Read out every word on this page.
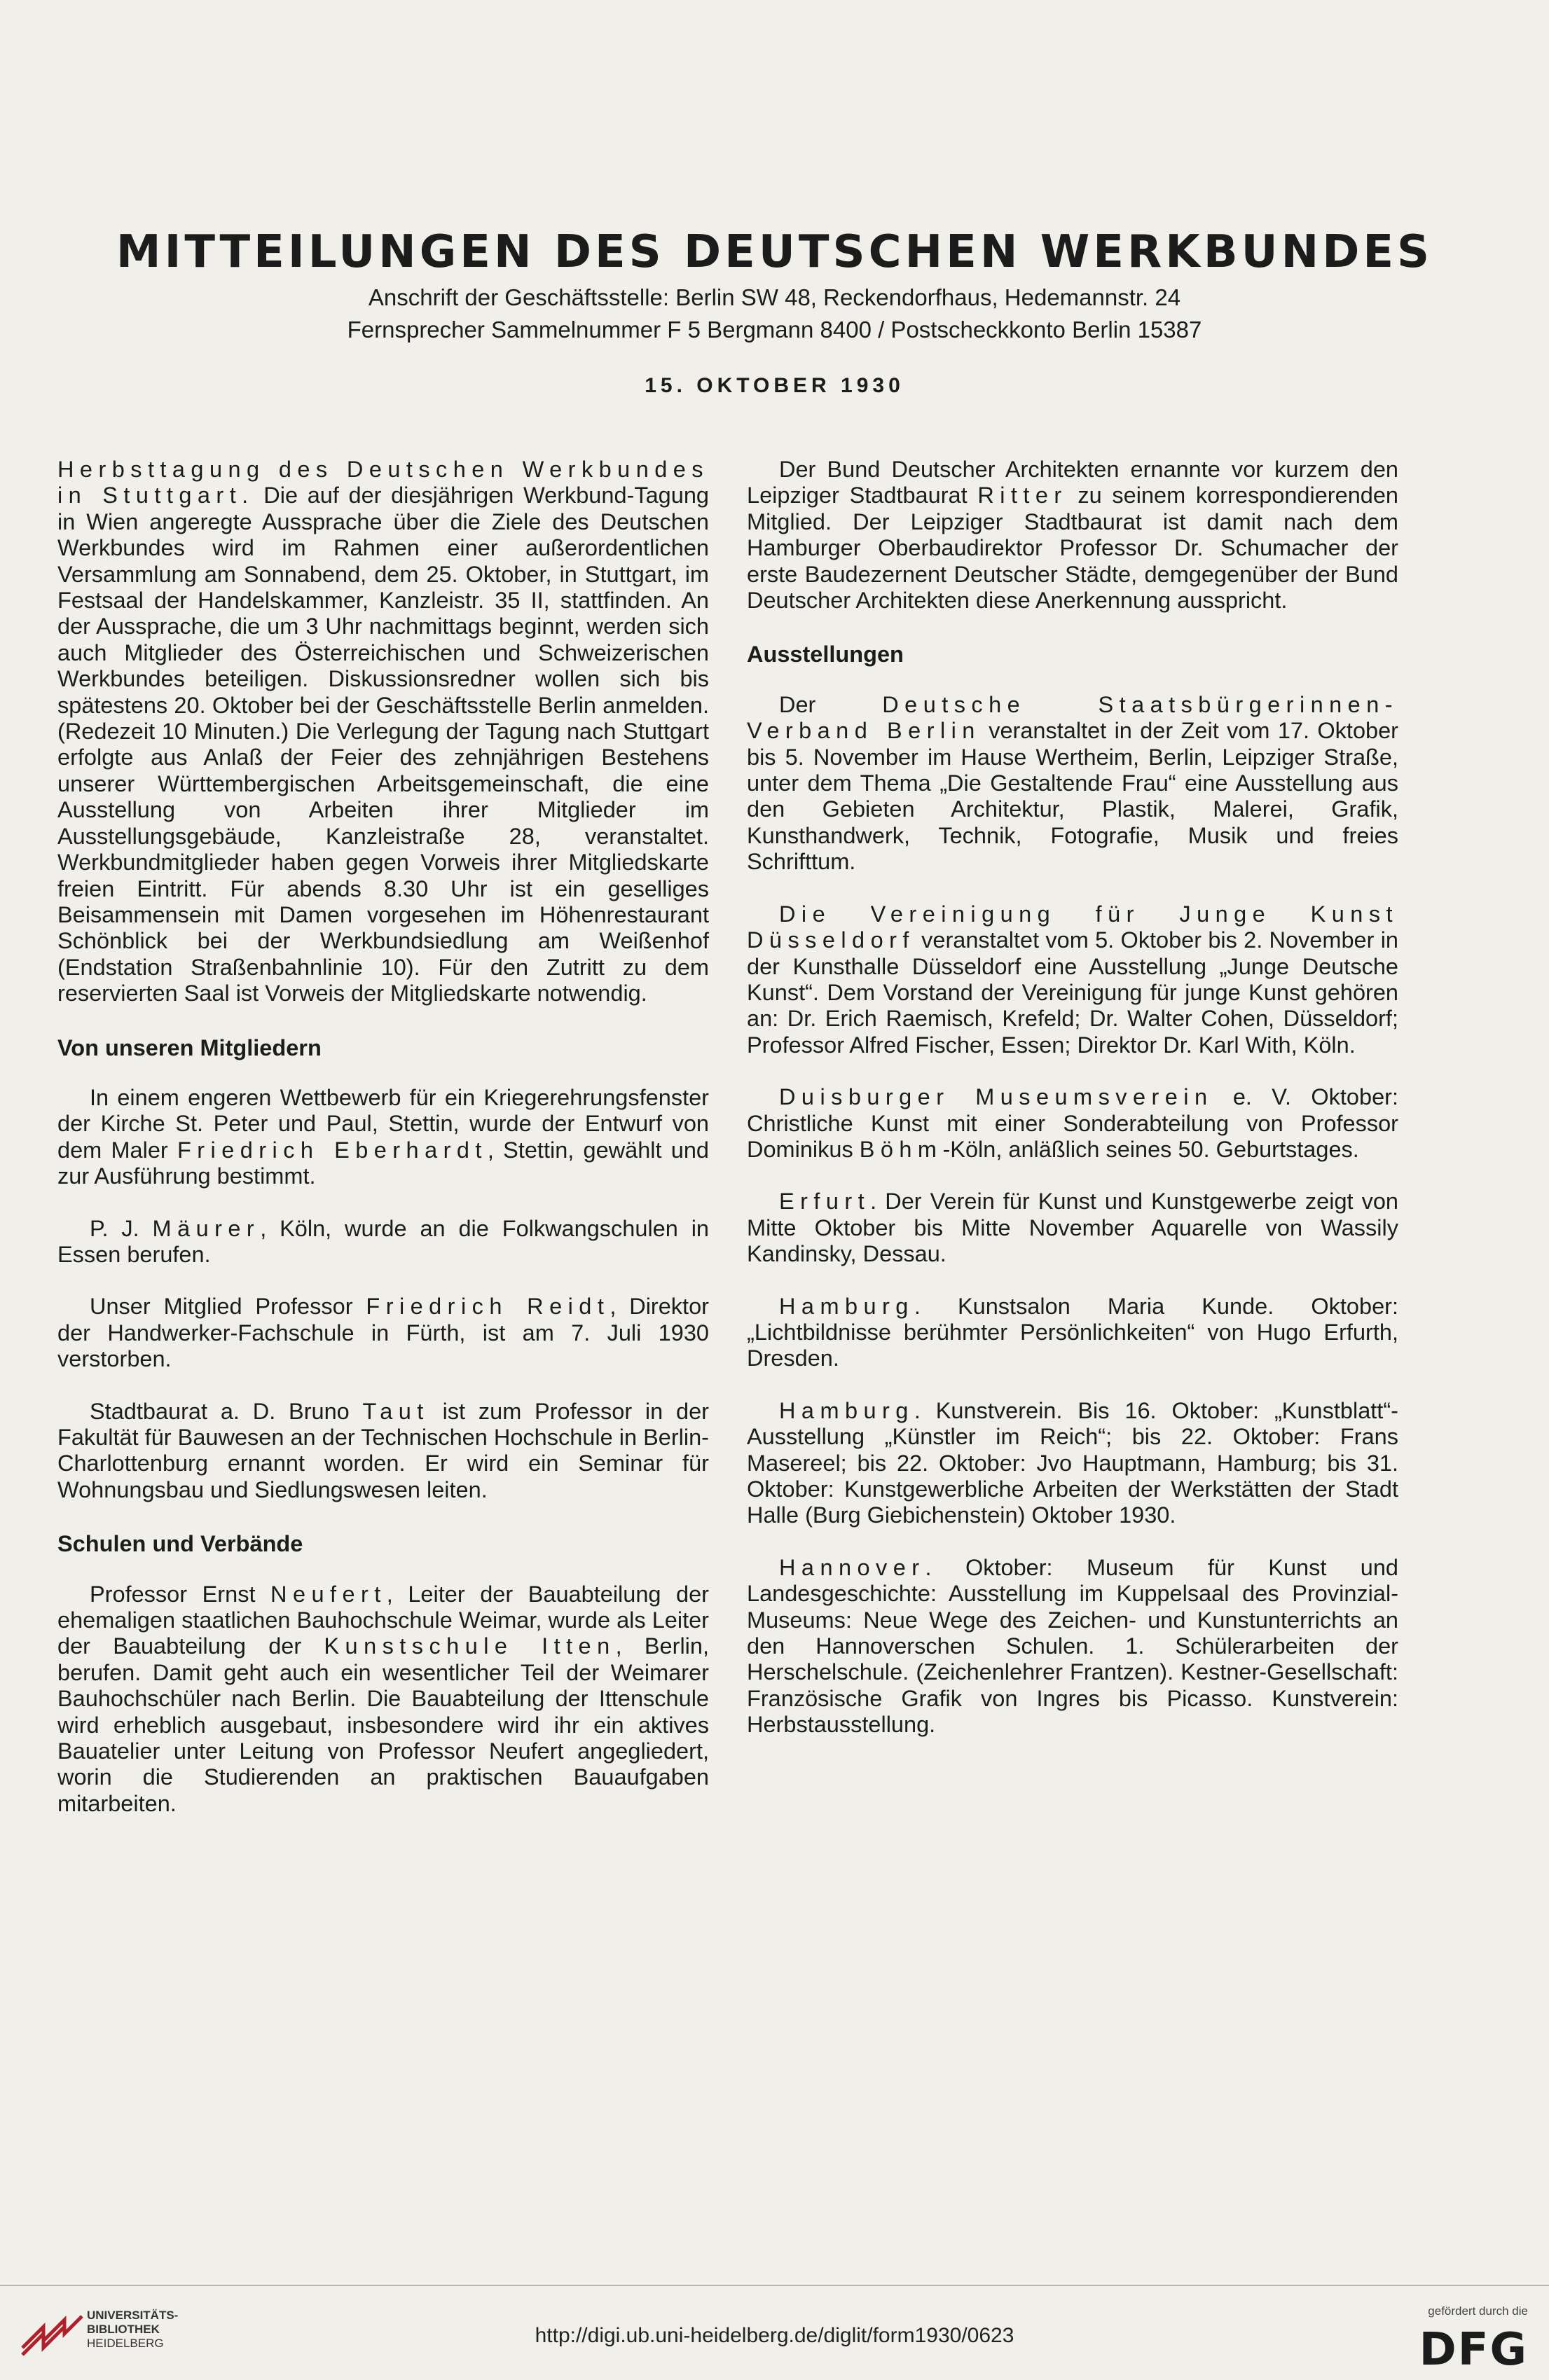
MITTEILUNGEN DES DEUTSCHEN WERKBUNDES

Anschrift der Geschäftsstelle: Berlin SW 48, Reckendorfhaus, Hedemannstr. 24

Fernsprecher Sammelnummer F 5 Bergmann 8400 / Postscheckkonto Berlin 15387

15. OKTOBER 1930

Herbsttagung des Deutschen Werkbundes in Stuttgart. Die auf der diesjährigen Werkbund-Tagung in Wien angeregte Aussprache über die Ziele des Deutschen Werkbundes wird im Rahmen einer außerordentlichen Versammlung am Sonnabend, dem 25. Oktober, in Stuttgart, im Festsaal der Handelskammer, Kanzleistr. 35 II, stattfinden. An der Aussprache, die um 3 Uhr nachmittags beginnt, werden sich auch Mitglieder des Österreichischen und Schweizerischen Werkbundes beteiligen. Diskussionsredner wollen sich bis spätestens 20. Oktober bei der Geschäftsstelle Berlin anmelden. (Redezeit 10 Minuten.) Die Verlegung der Tagung nach Stuttgart erfolgte aus Anlaß der Feier des zehnjährigen Bestehens unserer Württembergischen Arbeitsgemeinschaft, die eine Ausstellung von Arbeiten ihrer Mitglieder im Ausstellungsgebäude, Kanzleistraße 28, veranstaltet. Werkbundmitglieder haben gegen Vorweis ihrer Mitgliedskarte freien Eintritt. Für abends 8.30 Uhr ist ein geselliges Beisammensein mit Damen vorgesehen im Höhenrestaurant Schönblick bei der Werkbundsiedlung am Weißenhof (Endstation Straßenbahnlinie 10). Für den Zutritt zu dem reservierten Saal ist Vorweis der Mitgliedskarte notwendig.

Von unseren Mitgliedern

In einem engeren Wettbewerb für ein Kriegerehrungsfenster der Kirche St. Peter und Paul, Stettin, wurde der Entwurf von dem Maler Friedrich Eberhardt, Stettin, gewählt und zur Ausführung bestimmt.

P. J. Mäurer, Köln, wurde an die Folkwangschulen in Essen berufen.

Unser Mitglied Professor Friedrich Reidt, Direktor der Handwerker-Fachschule in Fürth, ist am 7. Juli 1930 verstorben.

Stadtbaurat a. D. Bruno Taut ist zum Professor in der Fakultät für Bauwesen an der Technischen Hochschule in Berlin-Charlottenburg ernannt worden. Er wird ein Seminar für Wohnungsbau und Siedlungswesen leiten.

Schulen und Verbände

Professor Ernst Neufert, Leiter der Bauabteilung der ehemaligen staatlichen Bauhochschule Weimar, wurde als Leiter der Bauabteilung der Kunstschule Itten, Berlin, berufen. Damit geht auch ein wesentlicher Teil der Weimarer Bauhochschüler nach Berlin. Die Bauabteilung der Ittenschule wird erheblich ausgebaut, insbesondere wird ihr ein aktives Bauatelier unter Leitung von Professor Neufert angegliedert, worin die Studierenden an praktischen Bauaufgaben mitarbeiten.

Der Bund Deutscher Architekten ernannte vor kurzem den Leipziger Stadtbaurat Ritter zu seinem korrespondierenden Mitglied. Der Leipziger Stadtbaurat ist damit nach dem Hamburger Oberbaudirektor Professor Dr. Schumacher der erste Baudezernent Deutscher Städte, demgegenüber der Bund Deutscher Architekten diese Anerkennung ausspricht.

Ausstellungen

Der Deutsche Staatsbürgerinnen-Verband Berlin veranstaltet in der Zeit vom 17. Oktober bis 5. November im Hause Wertheim, Berlin, Leipziger Straße, unter dem Thema „Die Gestaltende Frau“ eine Ausstellung aus den Gebieten Architektur, Plastik, Malerei, Grafik, Kunsthandwerk, Technik, Fotografie, Musik und freies Schrifttum.

Die Vereinigung für Junge Kunst Düsseldorf veranstaltet vom 5. Oktober bis 2. November in der Kunsthalle Düsseldorf eine Ausstellung „Junge Deutsche Kunst“. Dem Vorstand der Vereinigung für junge Kunst gehören an: Dr. Erich Raemisch, Krefeld; Dr. Walter Cohen, Düsseldorf; Professor Alfred Fischer, Essen; Direktor Dr. Karl With, Köln.

Duisburger Museumsverein e. V. Oktober: Christliche Kunst mit einer Sonderabteilung von Professor Dominikus Böhm-Köln, anläßlich seines 50. Geburtstages.

Erfurt. Der Verein für Kunst und Kunstgewerbe zeigt von Mitte Oktober bis Mitte November Aquarelle von Wassily Kandinsky, Dessau.

Hamburg. Kunstsalon Maria Kunde. Oktober: „Lichtbildnisse berühmter Persönlichkeiten“ von Hugo Erfurth, Dresden.

Hamburg. Kunstverein. Bis 16. Oktober: „Kunstblatt“-Ausstellung „Künstler im Reich“; bis 22. Oktober: Frans Masereel; bis 22. Oktober: Jvo Hauptmann, Hamburg; bis 31. Oktober: Kunstgewerbliche Arbeiten der Werkstätten der Stadt Halle (Burg Giebichenstein) Oktober 1930.

Hannover. Oktober: Museum für Kunst und Landesgeschichte: Ausstellung im Kuppelsaal des Provinzial-Museums: Neue Wege des Zeichen- und Kunstunterrichts an den Hannoverschen Schulen. 1. Schülerarbeiten der Herschelschule. (Zeichenlehrer Frantzen). Kestner-Gesellschaft: Französische Grafik von Ingres bis Picasso. Kunstverein: Herbstausstellung.

UNIVERSITÄTS-
BIBLIOTHEK
HEIDELBERG	http://digi.ub.uni-heidelberg.de/diglit/form1930/0623
gefördert durch die
DFG
